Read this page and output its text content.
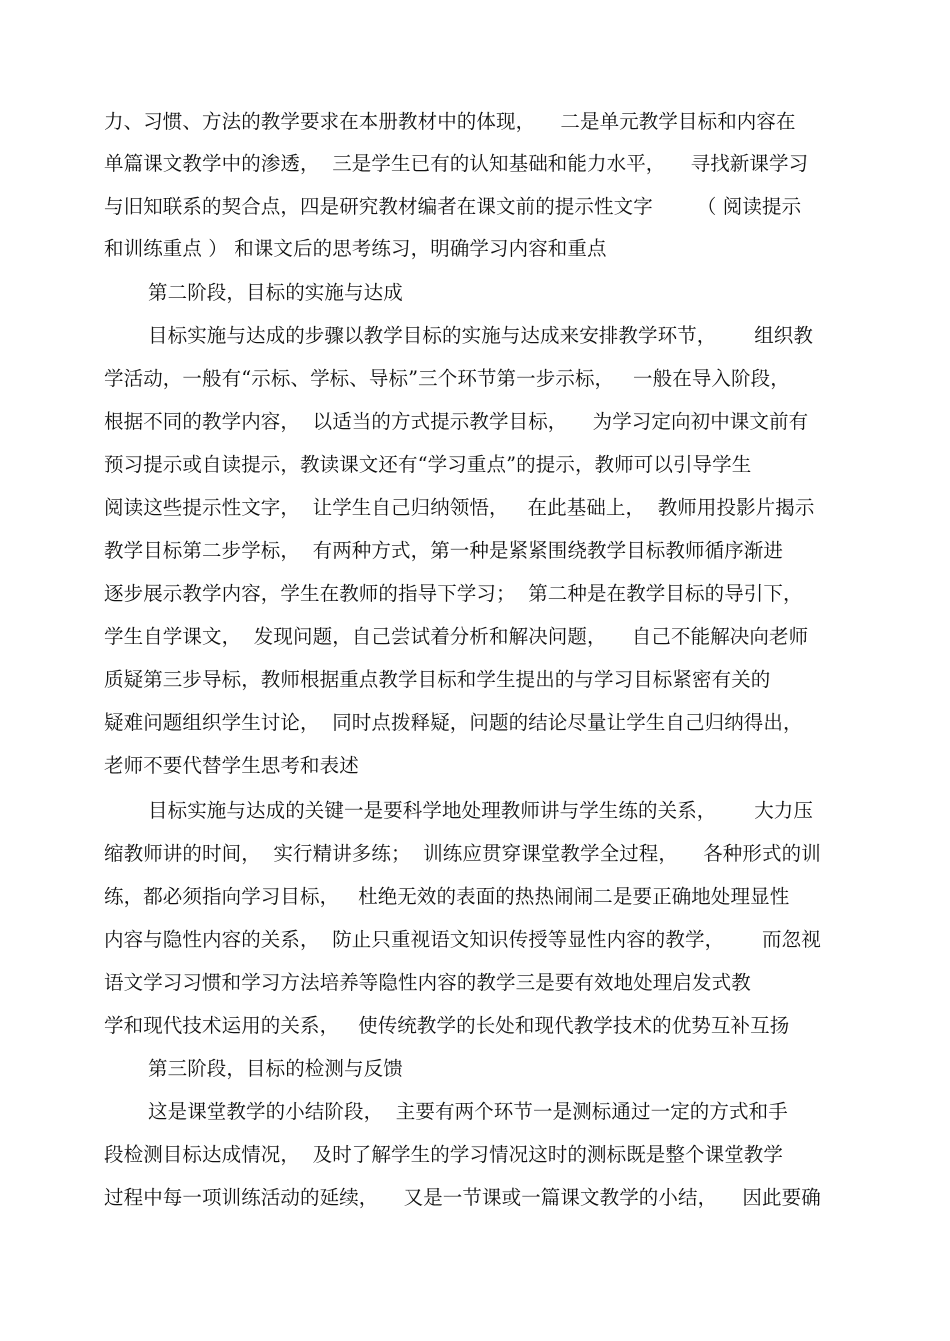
力、习惯、方法的教学要求在本册教材中的体现，    二是单元教学目标和内容在
单篇课文教学中的渗透，  三是学生已有的认知基础和能力水平，    寻找新课学习
与旧知联系的契合点，四是研究教材编者在课文前的提示性文字       （ 阅读提示
和训练重点 ） 和课文后的思考练习，明确学习内容和重点
第二阶段，目标的实施与达成
目标实施与达成的步骤以教学目标的实施与达成来安排教学环节，      组织教
学活动，一般有“示标、学标、导标”三个环节第一步示标，   一般在导入阶段，
根据不同的教学内容，  以适当的方式提示教学目标，    为学习定向初中课文前有
预习提示或自读提示，教读课文还有“学习重点”的提示，教师可以引导学生
阅读这些提示性文字，  让学生自己归纳领悟，   在此基础上，  教师用投影片揭示
教学目标第二步学标，  有两种方式，第一种是紧紧围绕教学目标教师循序渐进
逐步展示教学内容，学生在教师的指导下学习；  第二种是在教学目标的导引下，
学生自学课文，  发现问题，自己尝试着分析和解决问题，    自己不能解决向老师
质疑第三步导标，教师根据重点教学目标和学生提出的与学习目标紧密有关的
疑难问题组织学生讨论，  同时点拨释疑，问题的结论尽量让学生自己归纳得出，
老师不要代替学生思考和表述
目标实施与达成的关键一是要科学地处理教师讲与学生练的关系，      大力压
缩教师讲的时间，  实行精讲多练；  训练应贯穿课堂教学全过程，    各种形式的训
练，都必须指向学习目标，   杜绝无效的表面的热热闹闹二是要正确地处理显性
内容与隐性内容的关系，  防止只重视语文知识传授等显性内容的教学，      而忽视
语文学习习惯和学习方法培养等隐性内容的教学三是要有效地处理启发式教
学和现代技术运用的关系，   使传统教学的长处和现代教学技术的优势互补互扬
第三阶段，目标的检测与反馈
这是课堂教学的小结阶段，  主要有两个环节一是测标通过一定的方式和手
段检测目标达成情况，  及时了解学生的学习情况这时的测标既是整个课堂教学
过程中每一项训练活动的延续，    又是一节课或一篇课文教学的小结，    因此要确
